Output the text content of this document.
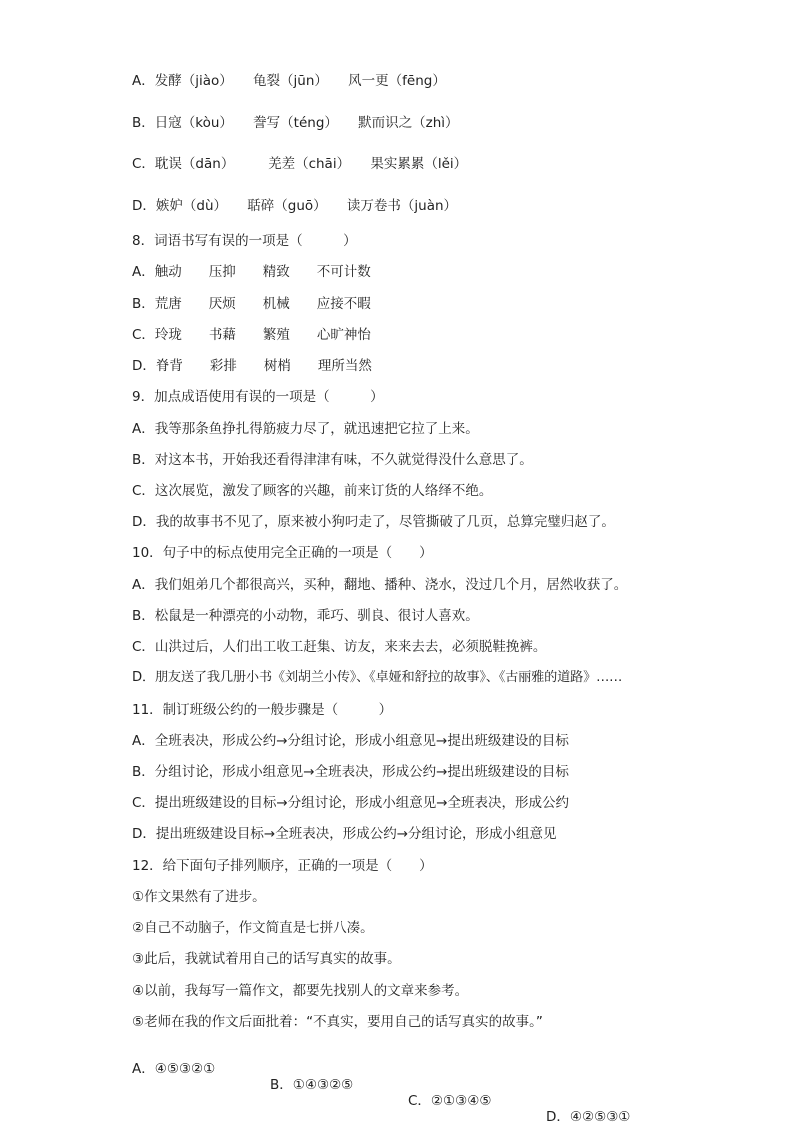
A．发酵（jiào）　　龟裂（jūn）　　风一更（fēng）
B．日寇（kòu）　　誊写（téng）　　默而识之（zhì）
C．耽误（dān）　　　羌差（chāi）　　果实累累（lěi）
D．嫉妒（dù）　　聒碎（guō）　　读万卷书（juàn）
8．词语书写有误的一项是（　　　）
A．触动　　压抑　　精致　　不可计数
B．荒唐　　厌烦　　机械　　应接不暇
C．玲珑　　书藉　　繁殖　　心旷神怡
D．脊背　　彩排　　树梢　　理所当然
9．加点成语使用有误的一项是（　　　）
A．我等那条鱼挣扎得筋疲力尽了，就迅速把它拉了上来。
B．对这本书，开始我还看得津津有味，不久就觉得没什么意思了。
C．这次展览，激发了顾客的兴趣，前来订货的人络绎不绝。
D．我的故事书不见了，原来被小狗叼走了，尽管撕破了几页，总算完璧归赵了。
10．句子中的标点使用完全正确的一项是（　　）
A．我们姐弟几个都很高兴，买种，翻地、播种、浇水，没过几个月，居然收获了。
B．松鼠是一种漂亮的小动物，乖巧、驯良、很讨人喜欢。
C．山洪过后，人们出工收工赶集、访友，来来去去，必须脱鞋挽裤。
D．朋友送了我几册小书《刘胡兰小传》、《卓娅和舒拉的故事》、《古丽雅的道路》……
11．制订班级公约的一般步骤是（　　　）
A．全班表决，形成公约→分组讨论，形成小组意见→提出班级建设的目标
B．分组讨论，形成小组意见→全班表决，形成公约→提出班级建设的目标
C．提出班级建设的目标→分组讨论，形成小组意见→全班表决，形成公约
D．提出班级建设目标→全班表决，形成公约→分组讨论，形成小组意见
12．给下面句子排列顺序，正确的一项是（　　）
①作文果然有了进步。
②自己不动脑子，作文简直是七拼八凑。
③此后，我就试着用自己的话写真实的故事。
④以前，我每写一篇作文，都要先找别人的文章来参考。
⑤老师在我的作文后面批着：“不真实，要用自己的话写真实的故事。”

A．④⑤③②①

B．①④③②⑤

C．②①③④⑤

D．④②⑤③①
